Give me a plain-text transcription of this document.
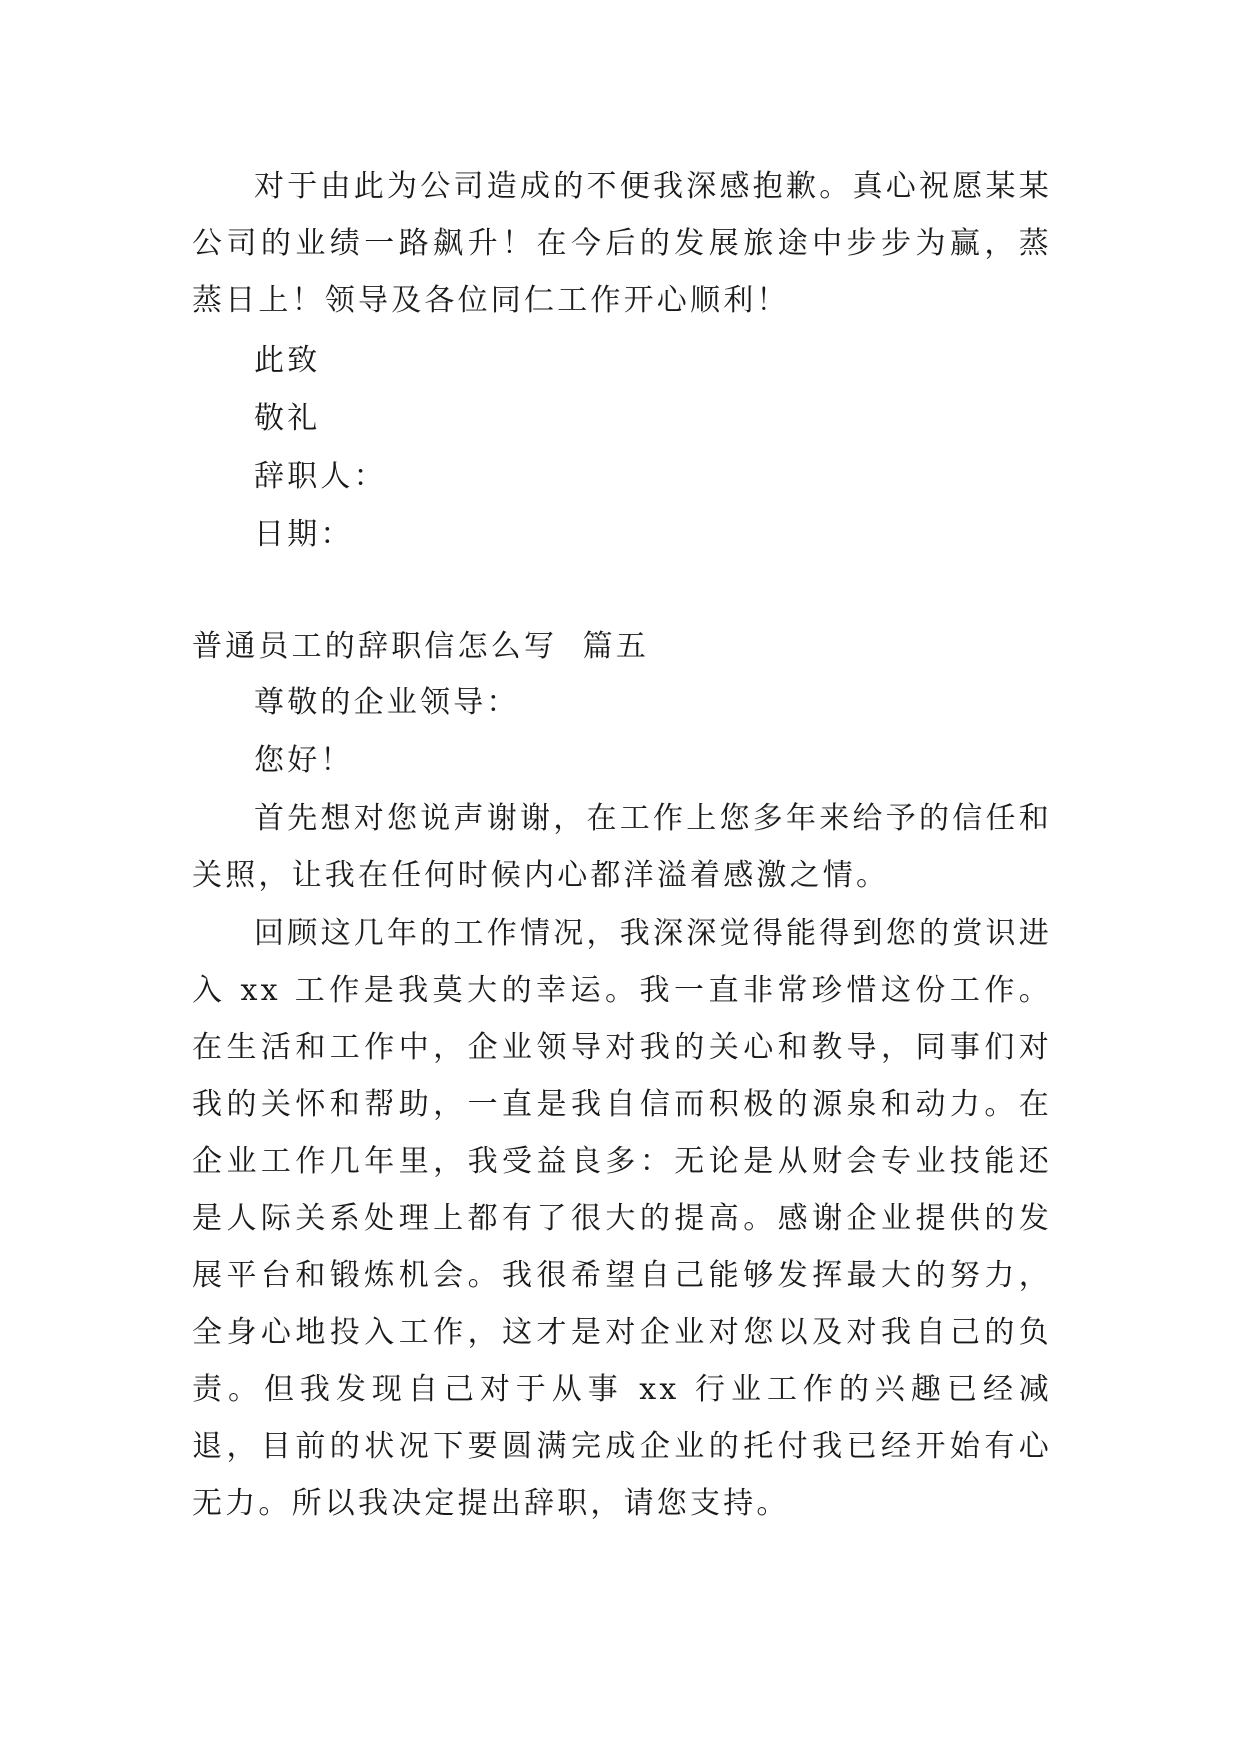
对于由此为公司造成的不便我深感抱歉。真心祝愿某某公司的业绩一路飙升！在今后的发展旅途中步步为赢，蒸蒸日上！领导及各位同仁工作开心顺利！

此致
敬礼
辞职人：
日期：
普通员工的辞职信怎么写  篇五
尊敬的企业领导：
您好！

首先想对您说声谢谢，在工作上您多年来给予的信任和关照，让我在任何时候内心都洋溢着感激之情。

回顾这几年的工作情况，我深深觉得能得到您的赏识进入 xx 工作是我莫大的幸运。我一直非常珍惜这份工作。在生活和工作中，企业领导对我的关心和教导，同事们对我的关怀和帮助，一直是我自信而积极的源泉和动力。在企业工作几年里，我受益良多：无论是从财会专业技能还是人际关系处理上都有了很大的提高。感谢企业提供的发展平台和锻炼机会。我很希望自己能够发挥最大的努力，全身心地投入工作，这才是对企业对您以及对我自己的负责。但我发现自己对于从事 xx 行业工作的兴趣已经减退，目前的状况下要圆满完成企业的托付我已经开始有心无力。所以我决定提出辞职，请您支持。
